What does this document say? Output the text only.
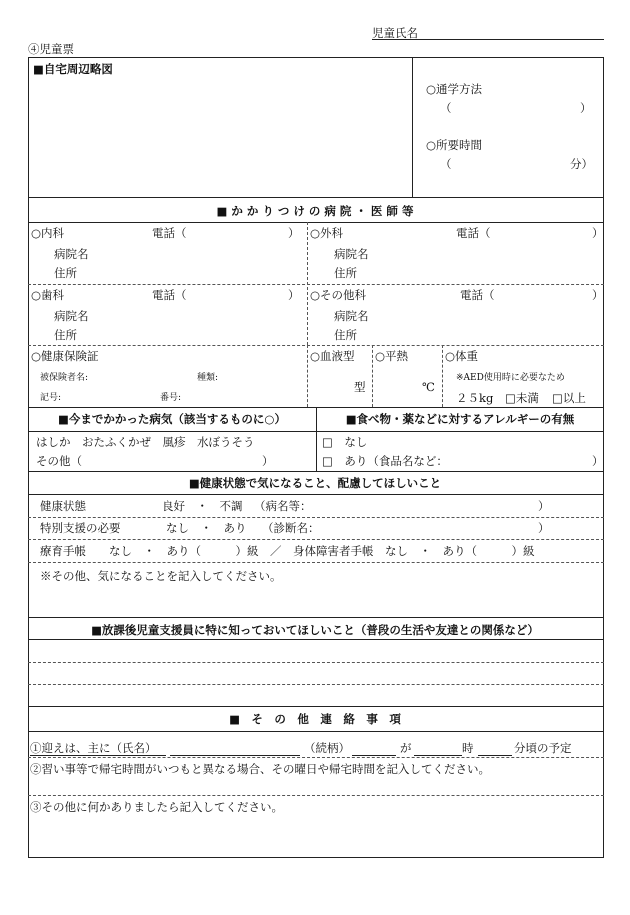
児童氏名
④児童票
■自宅周辺略図
○通学方法
（	）
○所要時間
（	分）
■ か か り つ け の 病 院 ・ 医 師 等
○内科	電話（	）
病院名
住所
○外科	電話（	）
病院名
住所
○歯科	電話（	）
病院名
住所
○その他科	電話（	）
病院名
住所
○健康保険証
被保険者名:	種類:
記号:	番号:
○血液型
型
○平熱
℃
○体重
※AED使用時に必要なため
２５kg □未満 □以上
■今までかかった病気（該当するものに○）	■食べ物・薬などに対するアレルギーの有無
はしか　おたふくかぜ　風疹　水ぼうそう
その他（	）
□　なし
□　あり（食品名など：	）
■健康状態で気になること、配慮してほしいこと
健康状態	良好　・　不調 （病名等：	）
特別支援の必要	なし　・　あり （診断名：	）
療育手帳　　なし　・　あり（　　　）級　／　身体障害者手帳　なし　・　あり（　　　）級
※その他、気になることを記入してください。
■放課後児童支援員に特に知っておいてほしいこと（普段の生活や友達との関係など）
■　そ　の　他　連　絡　事　項
①迎えは、主に（氏名）	（続柄）	が	時	分頃の予定
②習い事等で帰宅時間がいつもと異なる場合、その曜日や帰宅時間を記入してください。
③その他に何かありましたら記入してください。
